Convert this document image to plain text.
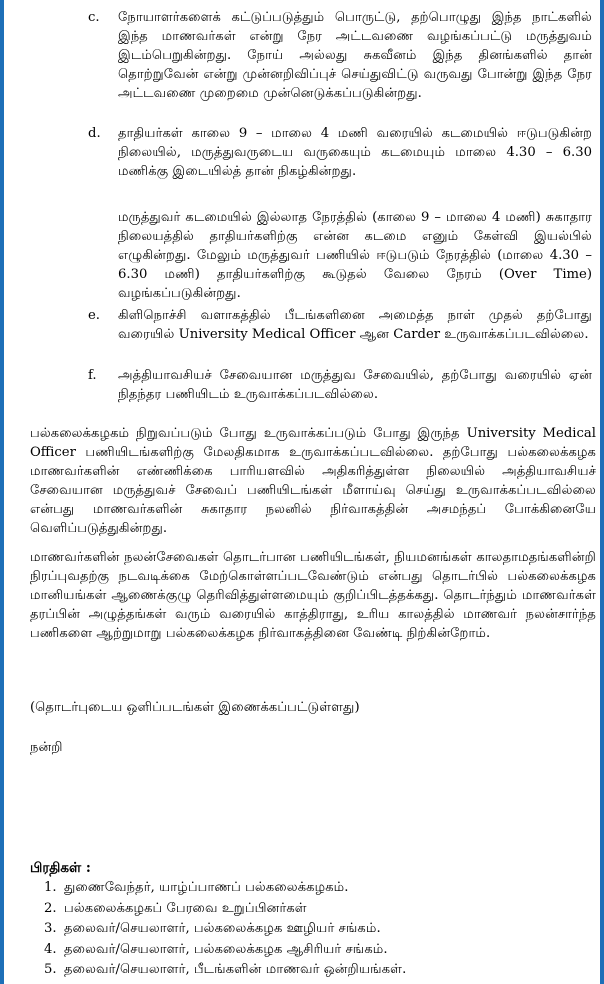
c. நோயாளர்களைக் கட்டுப்படுத்தும் பொருட்டு, தற்பொழுது இந்த நாட்களில் இந்த மாணவர்கள் என்று நேர அட்டவணை வழங்கப்பட்டு மருத்துவம் இடம்பெறுகின்றது. நோய் அல்லது சுகவீனம் இந்த தினங்களில் தான் தொற்றுவேன் என்று முன்னறிவிப்புச் செய்துவிட்டு வருவது போன்று இந்த நேர அட்டவணை முறைமை முன்னெடுக்கப்படுகின்றது.
d. தாதியர்கள் காலை 9 – மாலை 4 மணி வரையில் கடமையில் ஈடுபடுகின்ற நிலையில், மருத்துவருடைய வருகையும் கடமையும் மாலை 4.30 – 6.30 மணிக்கு இடையில்த் தான் நிகழ்கின்றது.
மருத்துவர் கடமையில் இல்லாத நேரத்தில் (காலை 9 – மாலை 4 மணி) சுகாதார நிலையத்தில் தாதியர்களிற்கு என்ன கடமை எனும் கேள்வி இயல்பில் எழுகின்றது. மேலும் மருத்துவர் பணியில் ஈடுபடும் நேரத்தில் (மாலை 4.30 – 6.30 மணி) தாதியர்களிற்கு கூடுதல் வேலை நேரம் (Over Time) வழங்கப்படுகின்றது.
e. கிளிநொச்சி வளாகத்தில் பீடங்களினை அமைத்த நாள் முதல் தற்போது வரையில் University Medical Officer ஆன Carder உருவாக்கப்படவில்லை.
f. அத்தியாவசியச் சேவையான மருத்துவ சேவையில், தற்போது வரையில் ஏன் நிதந்தர பணியிடம் உருவாக்கப்படவில்லை.
பல்கலைக்கழகம் நிறுவப்படும் போது உருவாக்கப்படும் போது இருந்த University Medical Officer பணியிடங்களிற்கு மேலதிகமாக உருவாக்கப்படவில்லை. தற்போது பல்கலைக்கழக மாணவர்களின் எண்ணிக்கை பாரியளவில் அதிகரித்துள்ள நிலையில் அத்தியாவசியச் சேவையான மருத்துவச் சேவைப் பணியிடங்கள் மீளாய்வு செய்து உருவாக்கப்படவில்லை என்பது மாணவர்களின் சுகாதார நலனில் நிர்வாகத்தின் அசமந்தப் போக்கினையே வெளிப்படுத்துகின்றது.
மாணவர்களின் நலன்சேவைகள் தொடர்பான பணியிடங்கள், நியமனங்கள் காலதாமதங்களின்றி நிரப்புவதற்கு நடவடிக்கை மேற்கொள்ளப்படவேண்டும் என்பது தொடர்பில் பல்கலைக்கழக மானியங்கள் ஆணைக்குழு தெரிவித்துள்ளமையும் குறிப்பிடத்தக்கது. தொடர்ந்தும் மாணவர்கள் தரப்பின் அழுத்தங்கள் வரும் வரையில் காத்திராது, உரிய காலத்தில் மாணவர் நலன்சார்ந்த பணிகளை ஆற்றுமாறு பல்கலைக்கழக நிர்வாகத்தினை வேண்டி நிற்கின்றோம்.
(தொடர்புடைய ஒளிப்படங்கள் இணைக்கப்பட்டுள்ளது)
நன்றி
பிரதிகள் :
1. துணைவேந்தர், யாழ்ப்பாணப் பல்கலைக்கழகம்.
2. பல்கலைக்கழகப் பேரவை உறுப்பினர்கள்
3. தலைவர்/செயலாளர், பல்கலைக்கழக ஊழியர் சங்கம்.
4. தலைவர்/செயலாளர், பல்கலைக்கழக ஆசிரியர் சங்கம்.
5. தலைவர்/செயலாளர், பீடங்களின் மாணவர் ஒன்றியங்கள்.
